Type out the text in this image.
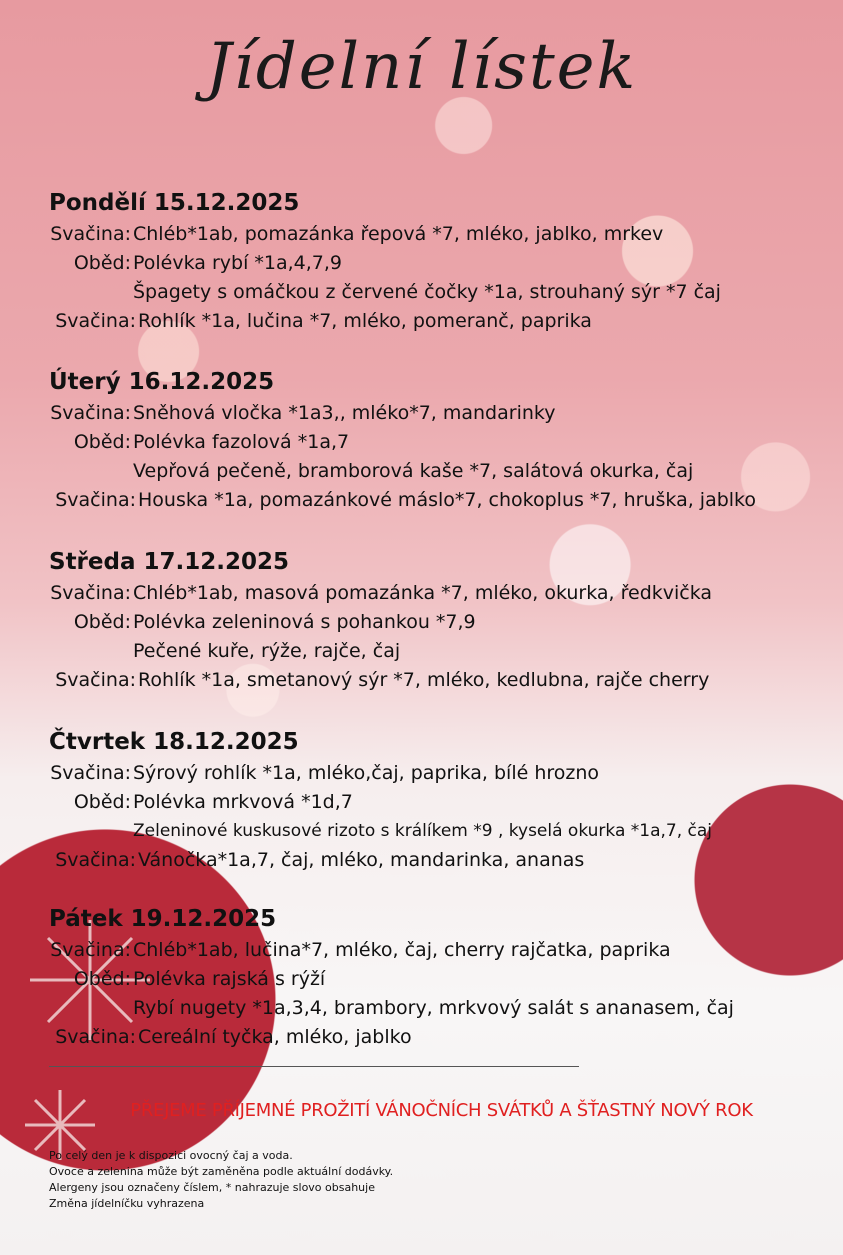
Jídelní lístek
Pondělí 15.12.2025
Svačina: Chléb*1ab, pomazánka řepová *7, mléko, jablko, mrkev
Oběd: Polévka rybí *1a,4,7,9
Špagety s omáčkou z červené čočky *1a, strouhaný sýr *7 čaj
Svačina: Rohlík *1a, lučina *7, mléko, pomeranč, paprika
Úterý 16.12.2025
Svačina: Sněhová vločka *1a3,, mléko*7, mandarinky
Oběd: Polévka fazolová *1a,7
Vepřová pečeně, bramborová kaše *7, salátová okurka, čaj
Svačina: Houska *1a, pomazánkové máslo*7, chokoplus *7, hruška, jablko
Středa 17.12.2025
Svačina: Chléb*1ab, masová pomazánka *7, mléko, okurka, ředkvička
Oběd: Polévka zeleninová s pohankou *7,9
Pečené kuře, rýže, rajče, čaj
Svačina: Rohlík *1a, smetanový sýr *7, mléko, kedlubna, rajče cherry
Čtvrtek 18.12.2025
Svačina: Sýrový rohlík *1a, mléko,čaj, paprika, bílé hrozno
Oběd: Polévka mrkvová *1d,7
Zeleninové kuskusové rizoto s králíkem *9 , kyselá okurka *1a,7, čaj
Svačina: Vánočka*1a,7, čaj, mléko, mandarinka, ananas
Pátek 19.12.2025
Svačina: Chléb*1ab, lučina*7, mléko, čaj, cherry rajčatka, paprika
Oběd: Polévka rajská s rýží
Rybí nugety *1a,3,4, brambory, mrkvový salát s ananasem, čaj
Svačina: Cereální tyčka, mléko, jablko
PŘEJEME PŘÍJEMNÉ PROŽITÍ VÁNOČNÍCH SVÁTKŮ A ŠŤASTNÝ NOVÝ ROK
Po celý den je k dispozici ovocný čaj a voda.
Ovoce a zelenina může být zaměněna podle aktuální dodávky.
Alergeny jsou označeny číslem, * nahrazuje slovo obsahuje
Změna jídelníčku vyhrazena
